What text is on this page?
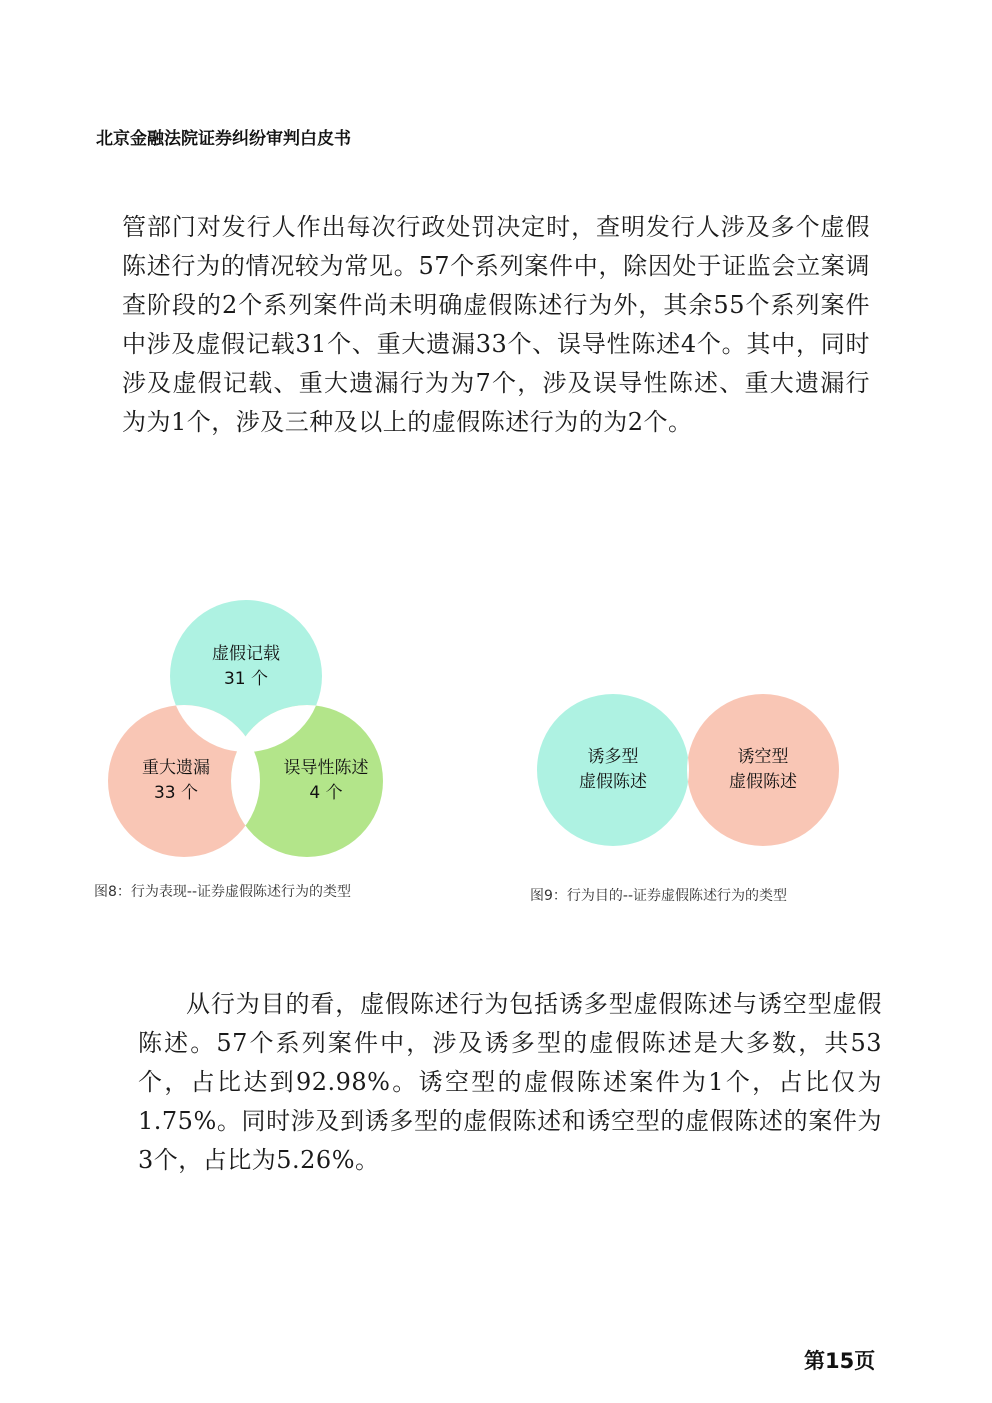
北京金融法院证券纠纷审判白皮书

管部门对发行人作出每次行政处罚决定时，查明发行人涉及多个虚假陈述行为的情况较为常见。57个系列案件中，除因处于证监会立案调查阶段的2个系列案件尚未明确虚假陈述行为外，其余55个系列案件中涉及虚假记载31个、重大遗漏33个、误导性陈述4个。其中，同时涉及虚假记载、重大遗漏行为为7个，涉及误导性陈述、重大遗漏行为为1个，涉及三种及以上的虚假陈述行为的为2个。

虚假记载
31 个
重大遗漏
33 个
误导性陈述
4 个
图8：行为表现--证券虚假陈述行为的类型
诱多型
虚假陈述
诱空型
虚假陈述
图9：行为目的--证券虚假陈述行为的类型

从行为目的看，虚假陈述行为包括诱多型虚假陈述与诱空型虚假陈述。57个系列案件中，涉及诱多型的虚假陈述是大多数，共53个，占比达到92.98%。诱空型的虚假陈述案件为1个，占比仅为1.75%。同时涉及到诱多型的虚假陈述和诱空型的虚假陈述的案件为3个，占比为5.26%。

第15页
